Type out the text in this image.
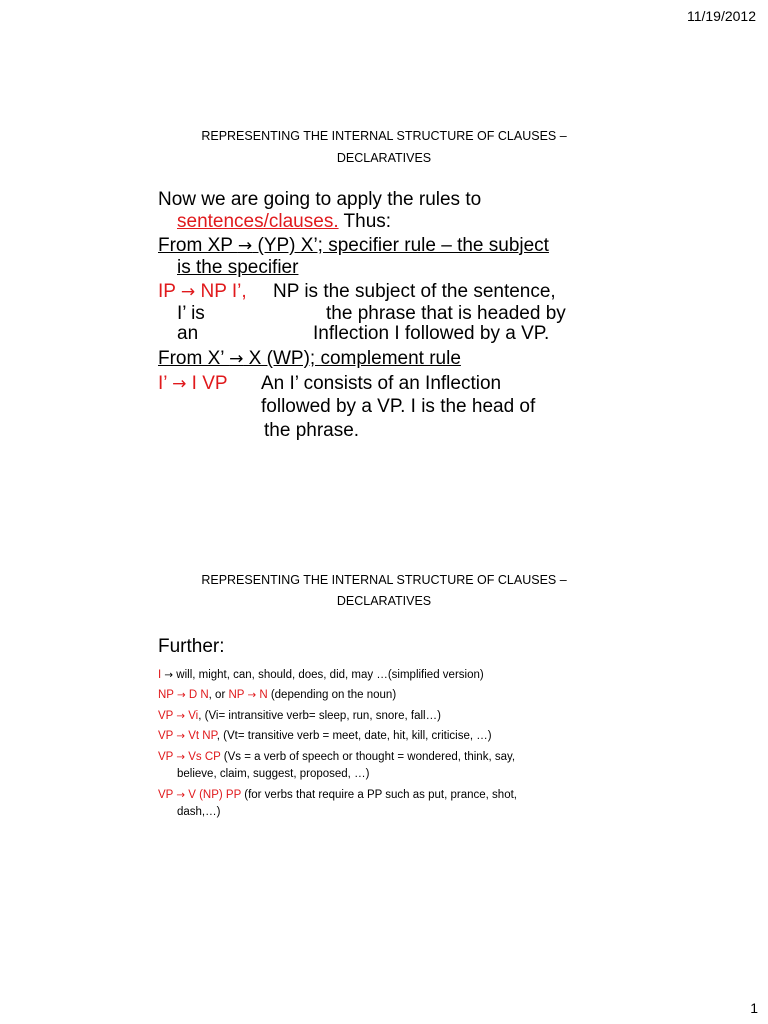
11/19/2012
REPRESENTING THE INTERNAL STRUCTURE OF CLAUSES –
DECLARATIVES
Now we are going to apply the rules to
sentences/clauses. Thus:
From XP → (YP) X’; specifier rule – the subject
is the specifier
IP → NP I’, NP is the subject of the sentence,
I’ is	the phrase that is headed by
an	Inflection I followed by a VP.
From X’ → X (WP); complement rule
I’ → I VP An I’ consists of an Inflection
followed by a VP. I is the head of
the phrase.
REPRESENTING THE INTERNAL STRUCTURE OF CLAUSES –
DECLARATIVES
Further:
I → will, might, can, should, does, did, may …(simplified version)
NP → D N, or NP → N (depending on the noun)
VP → Vi, (Vi= intransitive verb= sleep, run, snore, fall…)
VP → Vt NP, (Vt= transitive verb = meet, date, hit, kill, criticise, …)
VP → Vs CP (Vs = a verb of speech or thought = wondered, think, say,
believe, claim, suggest, proposed, …)
VP → V (NP) PP (for verbs that require a PP such as put, prance, shot,
dash,…)
1
